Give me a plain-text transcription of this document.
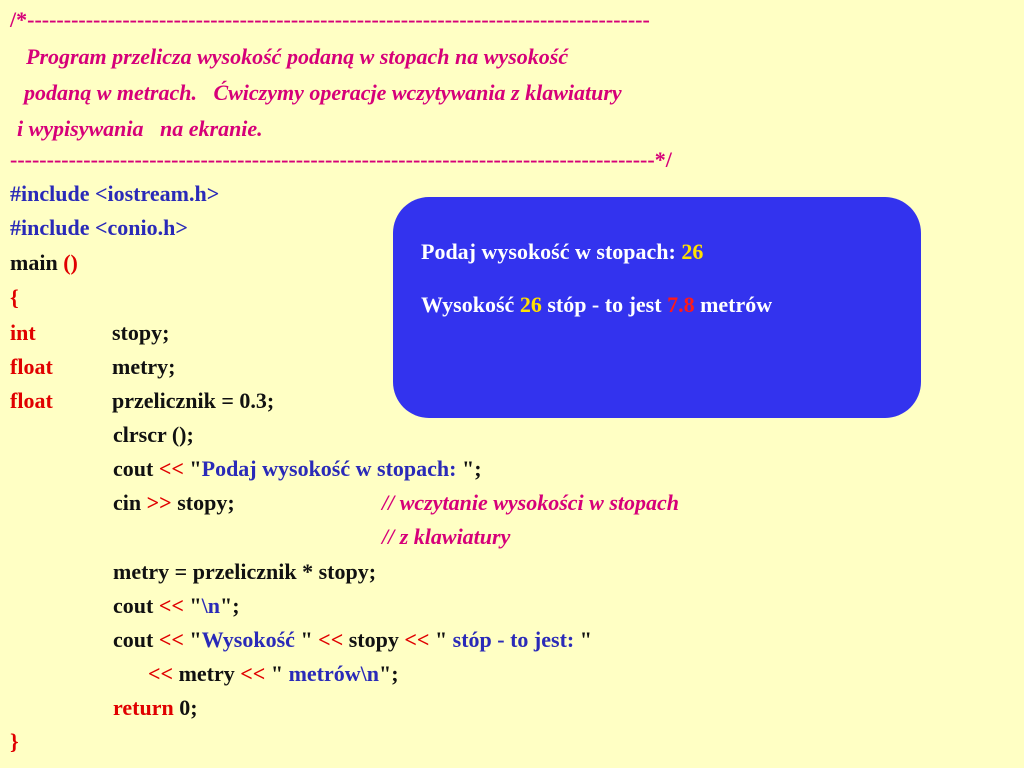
/*-------------------------------------------------------------------------------------
Program przelicza wysokość podaną w stopach na wysokość
podaną w metrach.   Ćwiczymy operacje wczytywania z klawiatury
i wypisywania   na ekranie.
----------------------------------------------------------------------------------------*/
#include <iostream.h>
#include <conio.h>
main ()
{
int	stopy;
float	metry;
float	przelicznik = 0.3;
clrscr ();
cout << "Podaj wysokość w stopach: ";
cin >> stopy;	// wczytanie wysokości w stopach
// z klawiatury
metry = przelicznik * stopy;
cout << "\n";
cout << "Wysokość " << stopy << " stóp - to jest: "
<< metry << " metrów\n";
return 0;
}
Podaj wysokość w stopach: 26
Wysokość 26 stóp - to jest 7.8 metrów
